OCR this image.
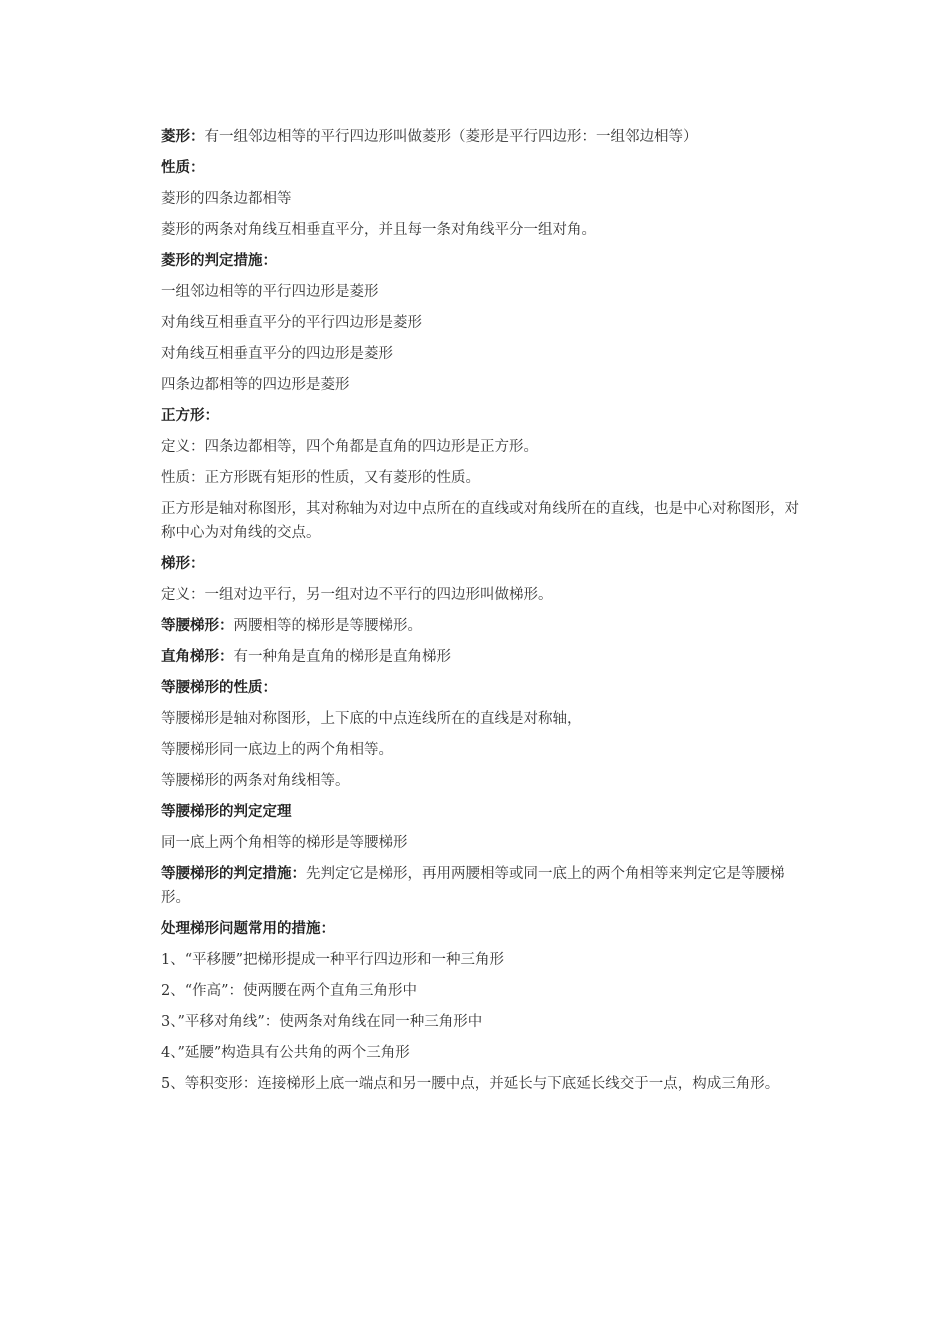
菱形：有一组邻边相等的平行四边形叫做菱形（菱形是平行四边形：一组邻边相等）
性质：
菱形的四条边都相等
菱形的两条对角线互相垂直平分，并且每一条对角线平分一组对角。
菱形的判定措施：
一组邻边相等的平行四边形是菱形
对角线互相垂直平分的平行四边形是菱形
对角线互相垂直平分的四边形是菱形
四条边都相等的四边形是菱形
正方形：
定义：四条边都相等，四个角都是直角的四边形是正方形。
性质：正方形既有矩形的性质，又有菱形的性质。
正方形是轴对称图形，其对称轴为对边中点所在的直线或对角线所在的直线，也是中心对称图形，对称中心为对角线的交点。
梯形：
定义：一组对边平行，另一组对边不平行的四边形叫做梯形。
等腰梯形：两腰相等的梯形是等腰梯形。
直角梯形：有一种角是直角的梯形是直角梯形
等腰梯形的性质：
等腰梯形是轴对称图形，上下底的中点连线所在的直线是对称轴，
等腰梯形同一底边上的两个角相等。
等腰梯形的两条对角线相等。
等腰梯形的判定定理
同一底上两个角相等的梯形是等腰梯形
等腰梯形的判定措施：先判定它是梯形，再用两腰相等或同一底上的两个角相等来判定它是等腰梯形。
处理梯形问题常用的措施：
1、“平移腰”把梯形提成一种平行四边形和一种三角形
2、“作高”：使两腰在两个直角三角形中
3、”平移对角线”：使两条对角线在同一种三角形中
4、”延腰”构造具有公共角的两个三角形
5、等积变形：连接梯形上底一端点和另一腰中点，并延长与下底延长线交于一点，构成三角形。
